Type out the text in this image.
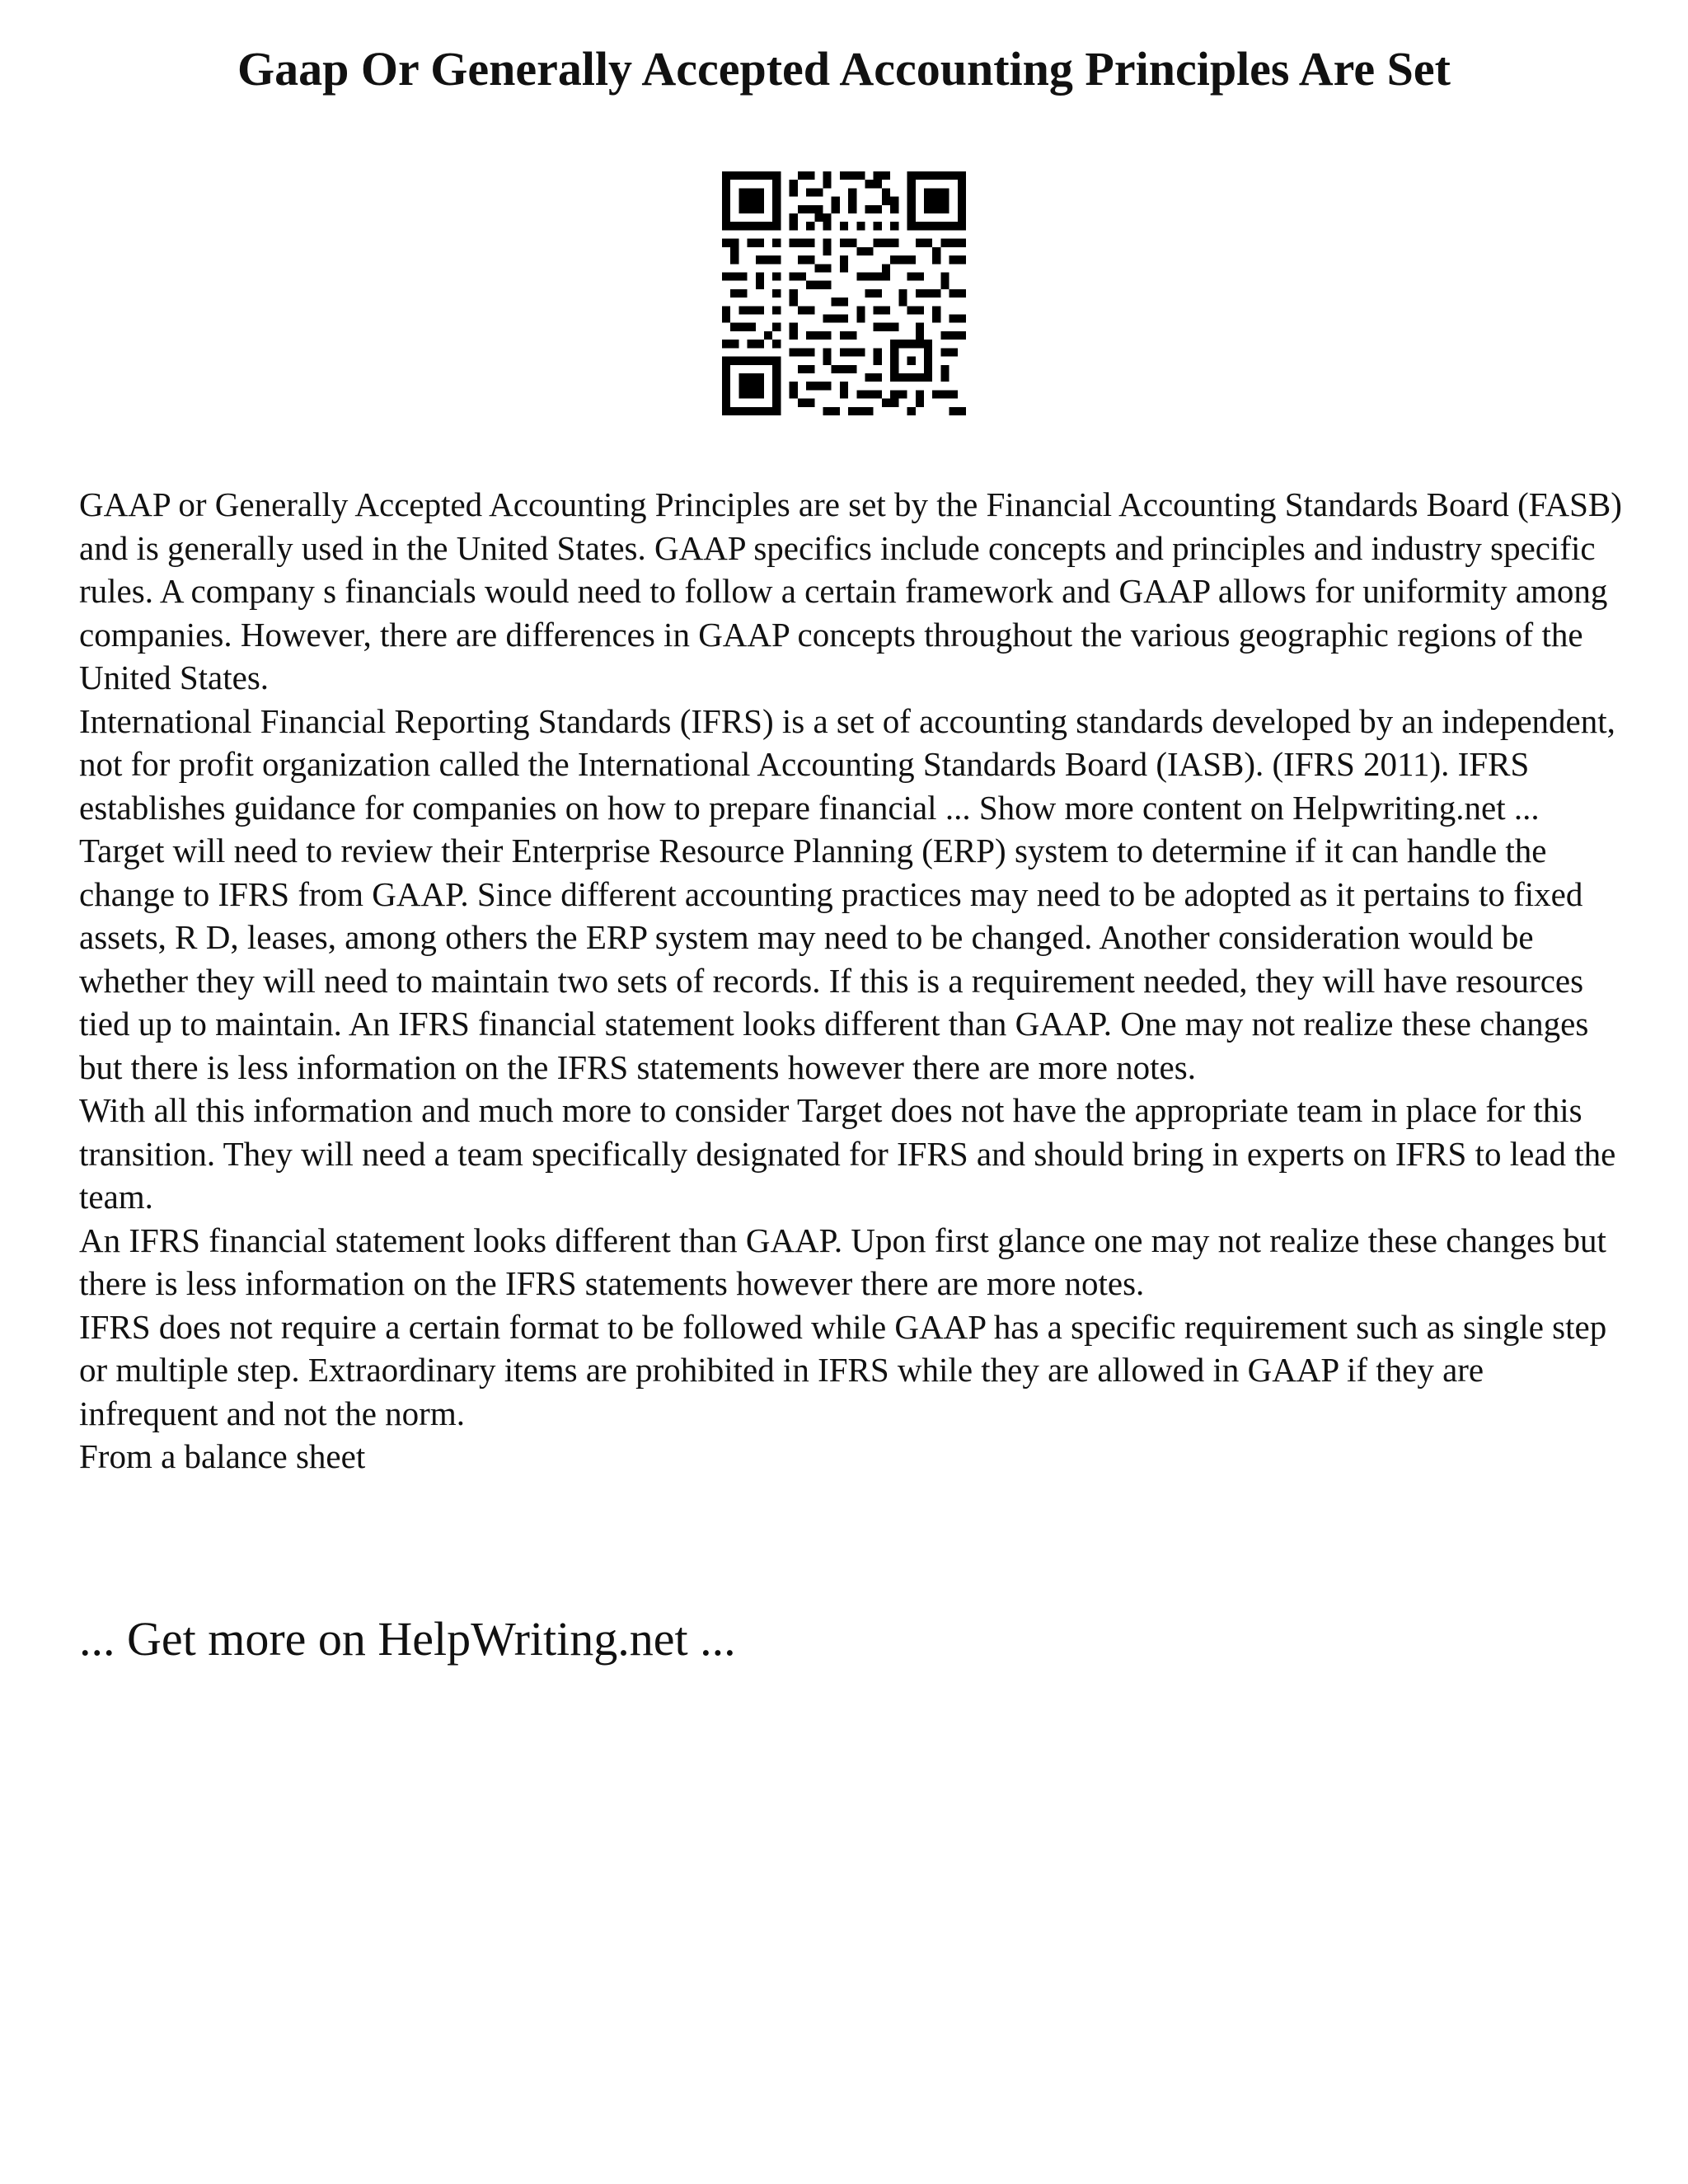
Gaap Or Generally Accepted Accounting Principles Are Set

GAAP or Generally Accepted Accounting Principles are set by the Financial Accounting Standards Board (FASB) and is generally used in the United States. GAAP specifics include concepts and principles and industry specific rules. A company s financials would need to follow a certain framework and GAAP allows for uniformity among companies. However, there are differences in GAAP concepts throughout the various geographic regions of the United States.

International Financial Reporting Standards (IFRS) is a set of accounting standards developed by an independent, not for profit organization called the International Accounting Standards Board (IASB). (IFRS 2011). IFRS establishes guidance for companies on how to prepare financial ... Show more content on Helpwriting.net ...

Target will need to review their Enterprise Resource Planning (ERP) system to determine if it can handle the change to IFRS from GAAP. Since different accounting practices may need to be adopted as it pertains to fixed assets, R D, leases, among others the ERP system may need to be changed. Another consideration would be whether they will need to maintain two sets of records. If this is a requirement needed, they will have resources tied up to maintain. An IFRS financial statement looks different than GAAP. One may not realize these changes but there is less information on the IFRS statements however there are more notes.

With all this information and much more to consider Target does not have the appropriate team in place for this transition. They will need a team specifically designated for IFRS and should bring in experts on IFRS to lead the team.

An IFRS financial statement looks different than GAAP. Upon first glance one may not realize these changes but there is less information on the IFRS statements however there are more notes.

IFRS does not require a certain format to be followed while GAAP has a specific requirement such as single step or multiple step. Extraordinary items are prohibited in IFRS while they are allowed in GAAP if they are infrequent and not the norm.

From a balance sheet

... Get more on HelpWriting.net ...
